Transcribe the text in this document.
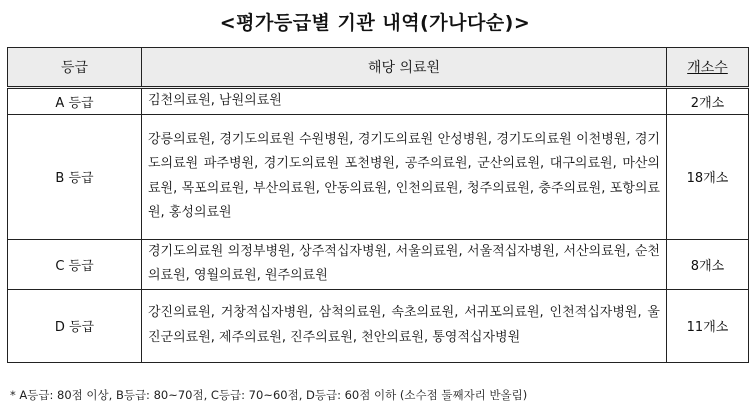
<평가등급별 기관 내역(가나다순)>
등급	해당 의료원	개소수
A 등급	김천의료원, 남원의료원	2개소
B 등급	강릉의료원, 경기도의료원 수원병원, 경기도의료원 안성병원, 경기도의료원 이천병원, 경기도의료원 파주병원, 경기도의료원 포천병원, 공주의료원, 군산의료원, 대구의료원, 마산의료원, 목포의료원, 부산의료원, 안동의료원, 인천의료원, 청주의료원, 충주의료원, 포항의료원, 홍성의료원	18개소
C 등급	경기도의료원 의정부병원, 상주적십자병원, 서울의료원, 서울적십자병원, 서산의료원, 순천의료원, 영월의료원, 원주의료원	8개소
D 등급	강진의료원, 거창적십자병원, 삼척의료원, 속초의료원, 서귀포의료원, 인천적십자병원, 울진군의료원, 제주의료원, 진주의료원, 천안의료원, 통영적십자병원	11개소
* A등급: 80점 이상, B등급: 80~70점, C등급: 70~60점, D등급: 60점 이하 (소수점 둘째자리 반올림)
